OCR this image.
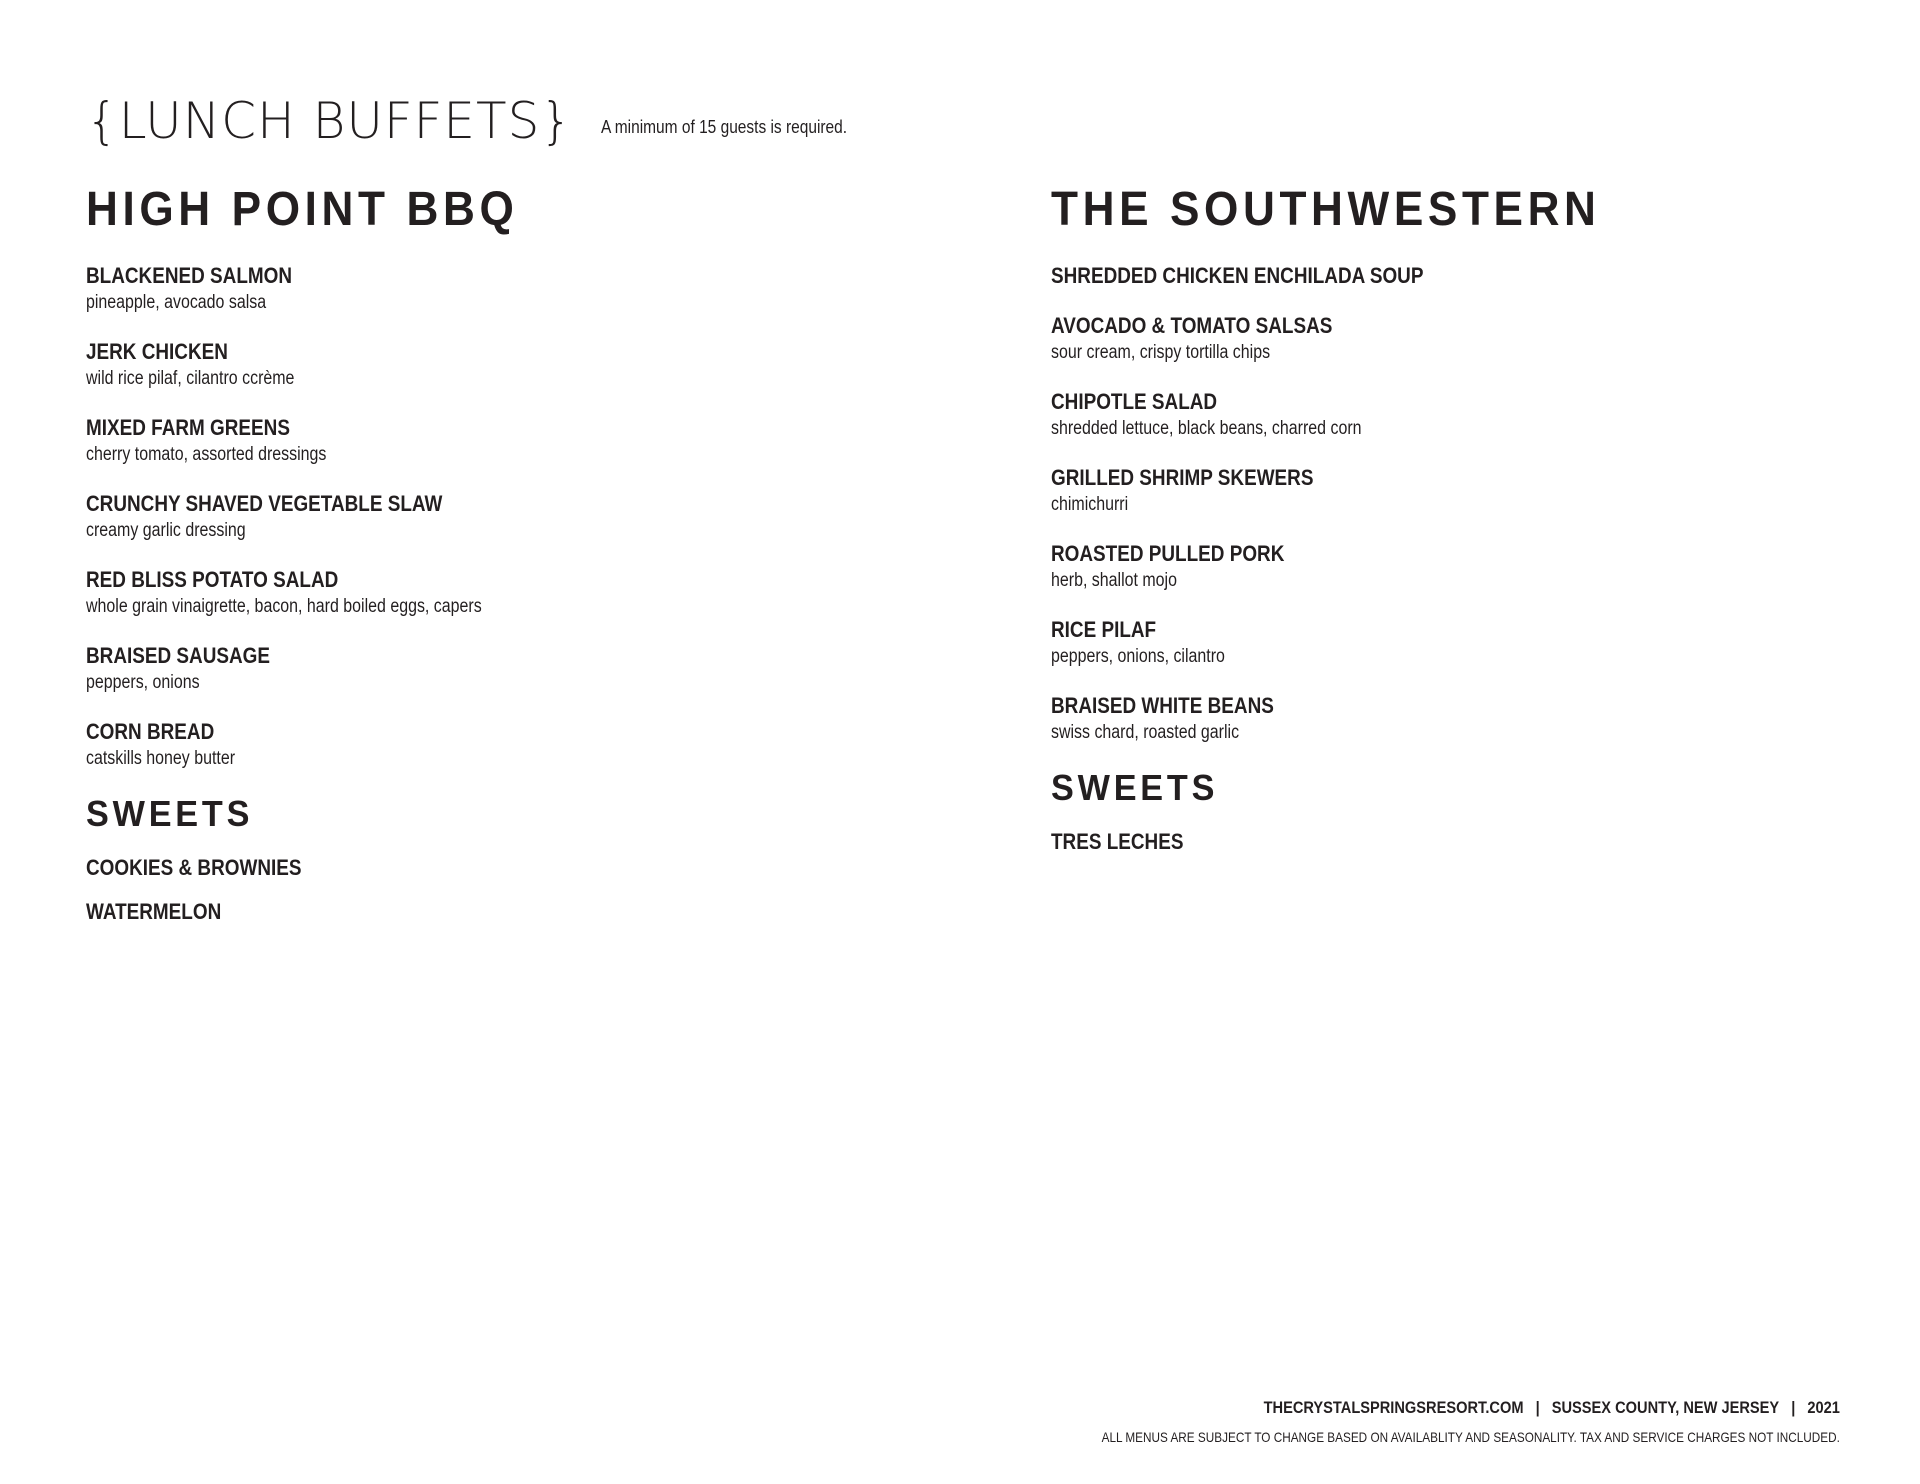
{LUNCH BUFFETS} A minimum of 15 guests is required.
HIGH POINT BBQ
BLACKENED SALMON
pineapple, avocado salsa
JERK CHICKEN
wild rice pilaf, cilantro ccrème
MIXED FARM GREENS
cherry tomato, assorted dressings
CRUNCHY SHAVED VEGETABLE SLAW
creamy garlic dressing
RED BLISS POTATO SALAD
whole grain vinaigrette, bacon, hard boiled eggs, capers
BRAISED SAUSAGE
peppers, onions
CORN BREAD
catskills honey butter
SWEETS
COOKIES & BROWNIES
WATERMELON
THE SOUTHWESTERN
SHREDDED CHICKEN ENCHILADA SOUP
AVOCADO & TOMATO SALSAS
sour cream, crispy tortilla chips
CHIPOTLE SALAD
shredded lettuce, black beans, charred corn
GRILLED SHRIMP SKEWERS
chimichurri
ROASTED PULLED PORK
herb, shallot mojo
RICE PILAF
peppers, onions, cilantro
BRAISED WHITE BEANS
swiss chard, roasted garlic
SWEETS
TRES LECHES
THECRYSTALSPRINGSRESORT.COM | SUSSEX COUNTY, NEW JERSEY | 2021
ALL MENUS ARE SUBJECT TO CHANGE BASED ON AVAILABLITY AND SEASONALITY. TAX AND SERVICE CHARGES NOT INCLUDED.
